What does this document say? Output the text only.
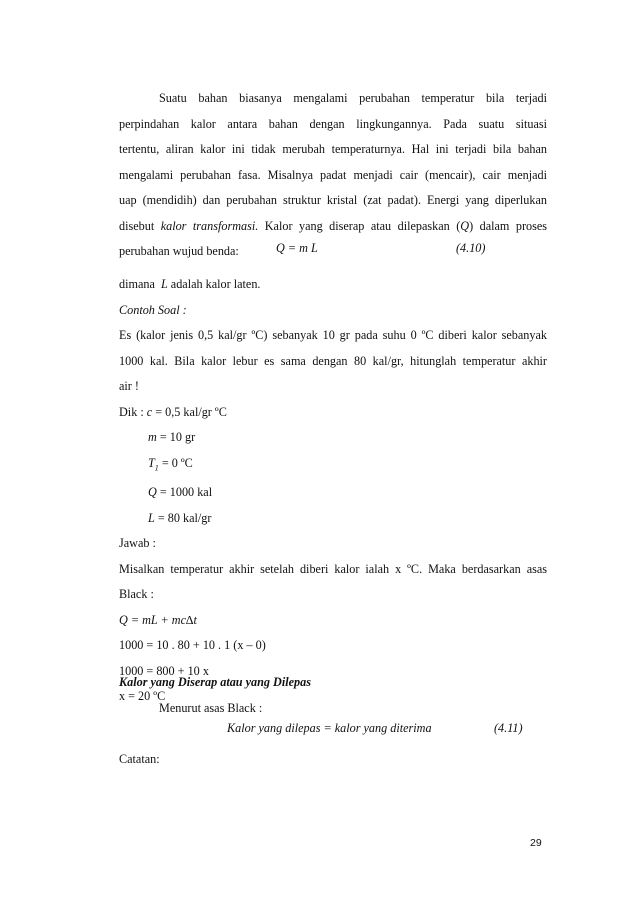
Suatu bahan biasanya mengalami perubahan temperatur bila terjadi
perpindahan kalor antara bahan dengan lingkungannya. Pada suatu situasi
tertentu, aliran kalor ini tidak merubah temperaturnya. Hal ini terjadi bila bahan
mengalami perubahan fasa. Misalnya padat menjadi cair (mencair), cair menjadi
uap (mendidih) dan perubahan struktur kristal (zat padat). Energi yang diperlukan
disebut kalor transformasi. Kalor yang diserap atau dilepaskan (Q) dalam proses
perubahan wujud benda:	Q = m L	(4.10)
dimana L adalah kalor laten.
Contoh Soal :
Es (kalor jenis 0,5 kal/gr ºC) sebanyak 10 gr pada suhu 0 ºC diberi kalor sebanyak
1000 kal. Bila kalor lebur es sama dengan 80 kal/gr, hitunglah temperatur akhir
air !
Dik : c = 0,5 kal/gr ºC
m = 10 gr
$T_1 = 0$ ºC
Q = 1000 kal
L = 80 kal/gr
Jawab :
Misalkan temperatur akhir setelah diberi kalor ialah x ºC. Maka berdasarkan asas
Black :
Q = mL + mc∆t
1000 = 10 . 80 + 10 . 1 (x – 0)
1000 = 800 + 10 x
x = 20 ºC
Kalor yang Diserap atau yang Dilepas
Menurut asas Black :
Kalor yang dilepas = kalor yang diterima	(4.11)
Catatan:
29
